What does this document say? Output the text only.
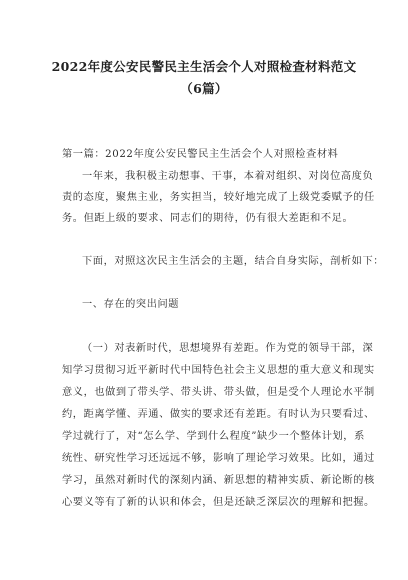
2022年度公安民警民主生活会个人对照检查材料范文
（6篇）
第一篇：2022年度公安民警民主生活会个人对照检查材料
一年来，我积极主动想事、干事，本着对组织、对岗位高度负
责的态度，聚焦主业，务实担当，较好地完成了上级党委赋予的任
务。但距上级的要求、同志们的期待，仍有很大差距和不足。
下面，对照这次民主生活会的主题，结合自身实际，剖析如下：
一、存在的突出问题
（一）对表新时代，思想境界有差距。作为党的领导干部，深
知学习贯彻习近平新时代中国特色社会主义思想的重大意义和现实
意义，也做到了带头学、带头讲、带头做，但是受个人理论水平制
约，距离学懂、弄通、做实的要求还有差距。有时认为只要看过、
学过就行了，对“怎么学、学到什么程度”缺少一个整体计划，系
统性、研究性学习还远远不够，影响了理论学习效果。比如，通过
学习，虽然对新时代的深刻内涵、新思想的精神实质、新论断的核
心要义等有了新的认识和体会，但是还缺乏深层次的理解和把握。
